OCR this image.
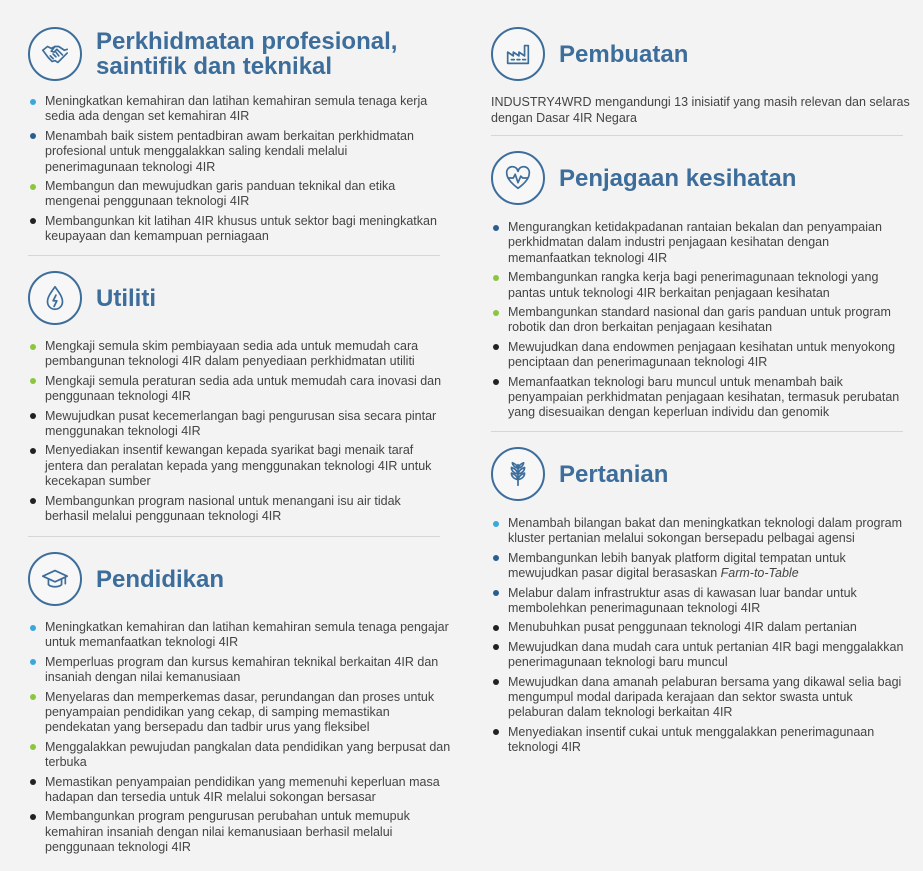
Perkhidmatan profesional,
saintifik dan teknikal
Meningkatkan kemahiran dan latihan kemahiran semula tenaga kerja sedia ada dengan set kemahiran 4IR
Menambah baik sistem pentadbiran awam berkaitan perkhidmatan profesional untuk menggalakkan saling kendali melalui penerimagunaan teknologi 4IR
Membangun dan mewujudkan garis panduan teknikal dan etika mengenai penggunaan teknologi 4IR
Membangunkan kit latihan 4IR khusus untuk sektor bagi meningkatkan keupayaan dan kemampuan perniagaan
Utiliti
Mengkaji semula skim pembiayaan sedia ada untuk memudah cara pembangunan teknologi 4IR dalam penyediaan perkhidmatan utiliti
Mengkaji semula peraturan sedia ada untuk memudah cara inovasi dan penggunaan teknologi 4IR
Mewujudkan pusat kecemerlangan bagi pengurusan sisa secara pintar menggunakan teknologi 4IR
Menyediakan insentif kewangan kepada syarikat bagi menaik taraf jentera dan peralatan kepada yang menggunakan teknologi 4IR untuk kecekapan sumber
Membangunkan program nasional untuk menangani isu air tidak berhasil melalui penggunaan teknologi 4IR
Pendidikan
Meningkatkan kemahiran dan latihan kemahiran semula tenaga pengajar untuk memanfaatkan teknologi 4IR
Memperluas program dan kursus kemahiran teknikal berkaitan 4IR dan insaniah dengan nilai kemanusiaan
Menyelaras dan memperkemas dasar, perundangan dan proses untuk penyampaian pendidikan yang cekap, di samping memastikan pendekatan yang bersepadu dan tadbir urus yang fleksibel
Menggalakkan pewujudan pangkalan data pendidikan yang berpusat dan terbuka
Memastikan penyampaian pendidikan yang memenuhi keperluan masa hadapan dan tersedia untuk 4IR melalui sokongan bersasar
Membangunkan program pengurusan perubahan untuk memupuk kemahiran insaniah dengan nilai kemanusiaan berhasil melalui penggunaan teknologi 4IR
Pembuatan
INDUSTRY4WRD mengandungi 13 inisiatif yang masih relevan dan selaras dengan Dasar 4IR Negara
Penjagaan kesihatan
Mengurangkan ketidakpadanan rantaian bekalan dan penyampaian perkhidmatan dalam industri penjagaan kesihatan dengan memanfaatkan teknologi 4IR
Membangunkan rangka kerja bagi penerimagunaan teknologi yang pantas untuk teknologi 4IR berkaitan penjagaan kesihatan
Membangunkan standard nasional dan garis panduan untuk program robotik dan dron berkaitan penjagaan kesihatan
Mewujudkan dana endowmen penjagaan kesihatan untuk menyokong penciptaan dan penerimagunaan teknologi 4IR
Memanfaatkan teknologi baru muncul untuk menambah baik penyampaian perkhidmatan penjagaan kesihatan, termasuk perubatan yang disesuaikan dengan keperluan individu dan genomik
Pertanian
Menambah bilangan bakat dan meningkatkan teknologi dalam program kluster pertanian melalui sokongan bersepadu pelbagai agensi
Membangunkan lebih banyak platform digital tempatan untuk mewujudkan pasar digital berasaskan Farm-to-Table
Melabur dalam infrastruktur asas di kawasan luar bandar untuk membolehkan penerimagunaan teknologi 4IR
Menubuhkan pusat penggunaan teknologi 4IR dalam pertanian
Mewujudkan dana mudah cara untuk pertanian 4IR bagi menggalakkan penerimagunaan teknologi baru muncul
Mewujudkan dana amanah pelaburan bersama yang dikawal selia bagi mengumpul modal daripada kerajaan dan sektor swasta untuk pelaburan dalam teknologi berkaitan 4IR
Menyediakan insentif cukai untuk menggalakkan penerimagunaan teknologi 4IR
